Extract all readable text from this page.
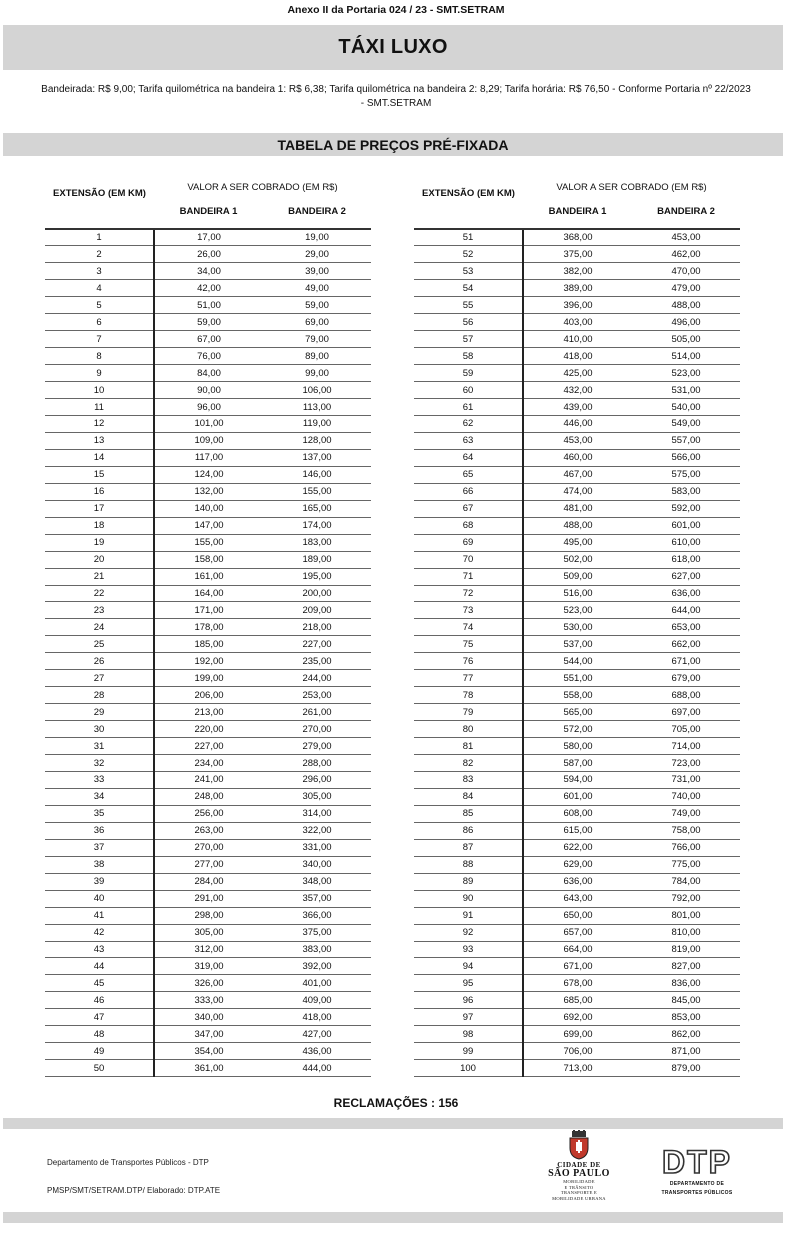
Anexo II da Portaria 024 / 23 - SMT.SETRAM
TÁXI LUXO
Bandeirada: R$ 9,00; Tarifa quilométrica na bandeira 1: R$ 6,38; Tarifa quilométrica na bandeira 2: 8,29; Tarifa horária: R$ 76,50 - Conforme Portaria nº 22/2023 - SMT.SETRAM
TABELA DE PREÇOS PRÉ-FIXADA
EXTENSÃO (EM KM)	VALOR A SER COBRADO (EM R$)	
	BANDEIRA 1	BANDEIRA 2
1	17,00	19,00
2	26,00	29,00
3	34,00	39,00
4	42,00	49,00
5	51,00	59,00
6	59,00	69,00
7	67,00	79,00
8	76,00	89,00
9	84,00	99,00
10	90,00	106,00
11	96,00	113,00
12	101,00	119,00
13	109,00	128,00
14	117,00	137,00
15	124,00	146,00
16	132,00	155,00
17	140,00	165,00
18	147,00	174,00
19	155,00	183,00
20	158,00	189,00
21	161,00	195,00
22	164,00	200,00
23	171,00	209,00
24	178,00	218,00
25	185,00	227,00
26	192,00	235,00
27	199,00	244,00
28	206,00	253,00
29	213,00	261,00
30	220,00	270,00
31	227,00	279,00
32	234,00	288,00
33	241,00	296,00
34	248,00	305,00
35	256,00	314,00
36	263,00	322,00
37	270,00	331,00
38	277,00	340,00
39	284,00	348,00
40	291,00	357,00
41	298,00	366,00
42	305,00	375,00
43	312,00	383,00
44	319,00	392,00
45	326,00	401,00
46	333,00	409,00
47	340,00	418,00
48	347,00	427,00
49	354,00	436,00
50	361,00	444,00
EXTENSÃO (EM KM)	VALOR A SER COBRADO (EM R$)	
	BANDEIRA 1	BANDEIRA 2
51	368,00	453,00
52	375,00	462,00
53	382,00	470,00
54	389,00	479,00
55	396,00	488,00
56	403,00	496,00
57	410,00	505,00
58	418,00	514,00
59	425,00	523,00
60	432,00	531,00
61	439,00	540,00
62	446,00	549,00
63	453,00	557,00
64	460,00	566,00
65	467,00	575,00
66	474,00	583,00
67	481,00	592,00
68	488,00	601,00
69	495,00	610,00
70	502,00	618,00
71	509,00	627,00
72	516,00	636,00
73	523,00	644,00
74	530,00	653,00
75	537,00	662,00
76	544,00	671,00
77	551,00	679,00
78	558,00	688,00
79	565,00	697,00
80	572,00	705,00
81	580,00	714,00
82	587,00	723,00
83	594,00	731,00
84	601,00	740,00
85	608,00	749,00
86	615,00	758,00
87	622,00	766,00
88	629,00	775,00
89	636,00	784,00
90	643,00	792,00
91	650,00	801,00
92	657,00	810,00
93	664,00	819,00
94	671,00	827,00
95	678,00	836,00
96	685,00	845,00
97	692,00	853,00
98	699,00	862,00
99	706,00	871,00
100	713,00	879,00
RECLAMAÇÕES : 156
Departamento de Transportes Públicos - DTP
PMSP/SMT/SETRAM.DTP/ Elaborado: DTP.ATE
CIDADE DE
SÃO PAULO
MOBILIDADE
E TRÂNSITO
TRANSPORTE E
MOBILIDADE URBANA
DTP
DEPARTAMENTO DE
TRANSPORTES PÚBLICOS
